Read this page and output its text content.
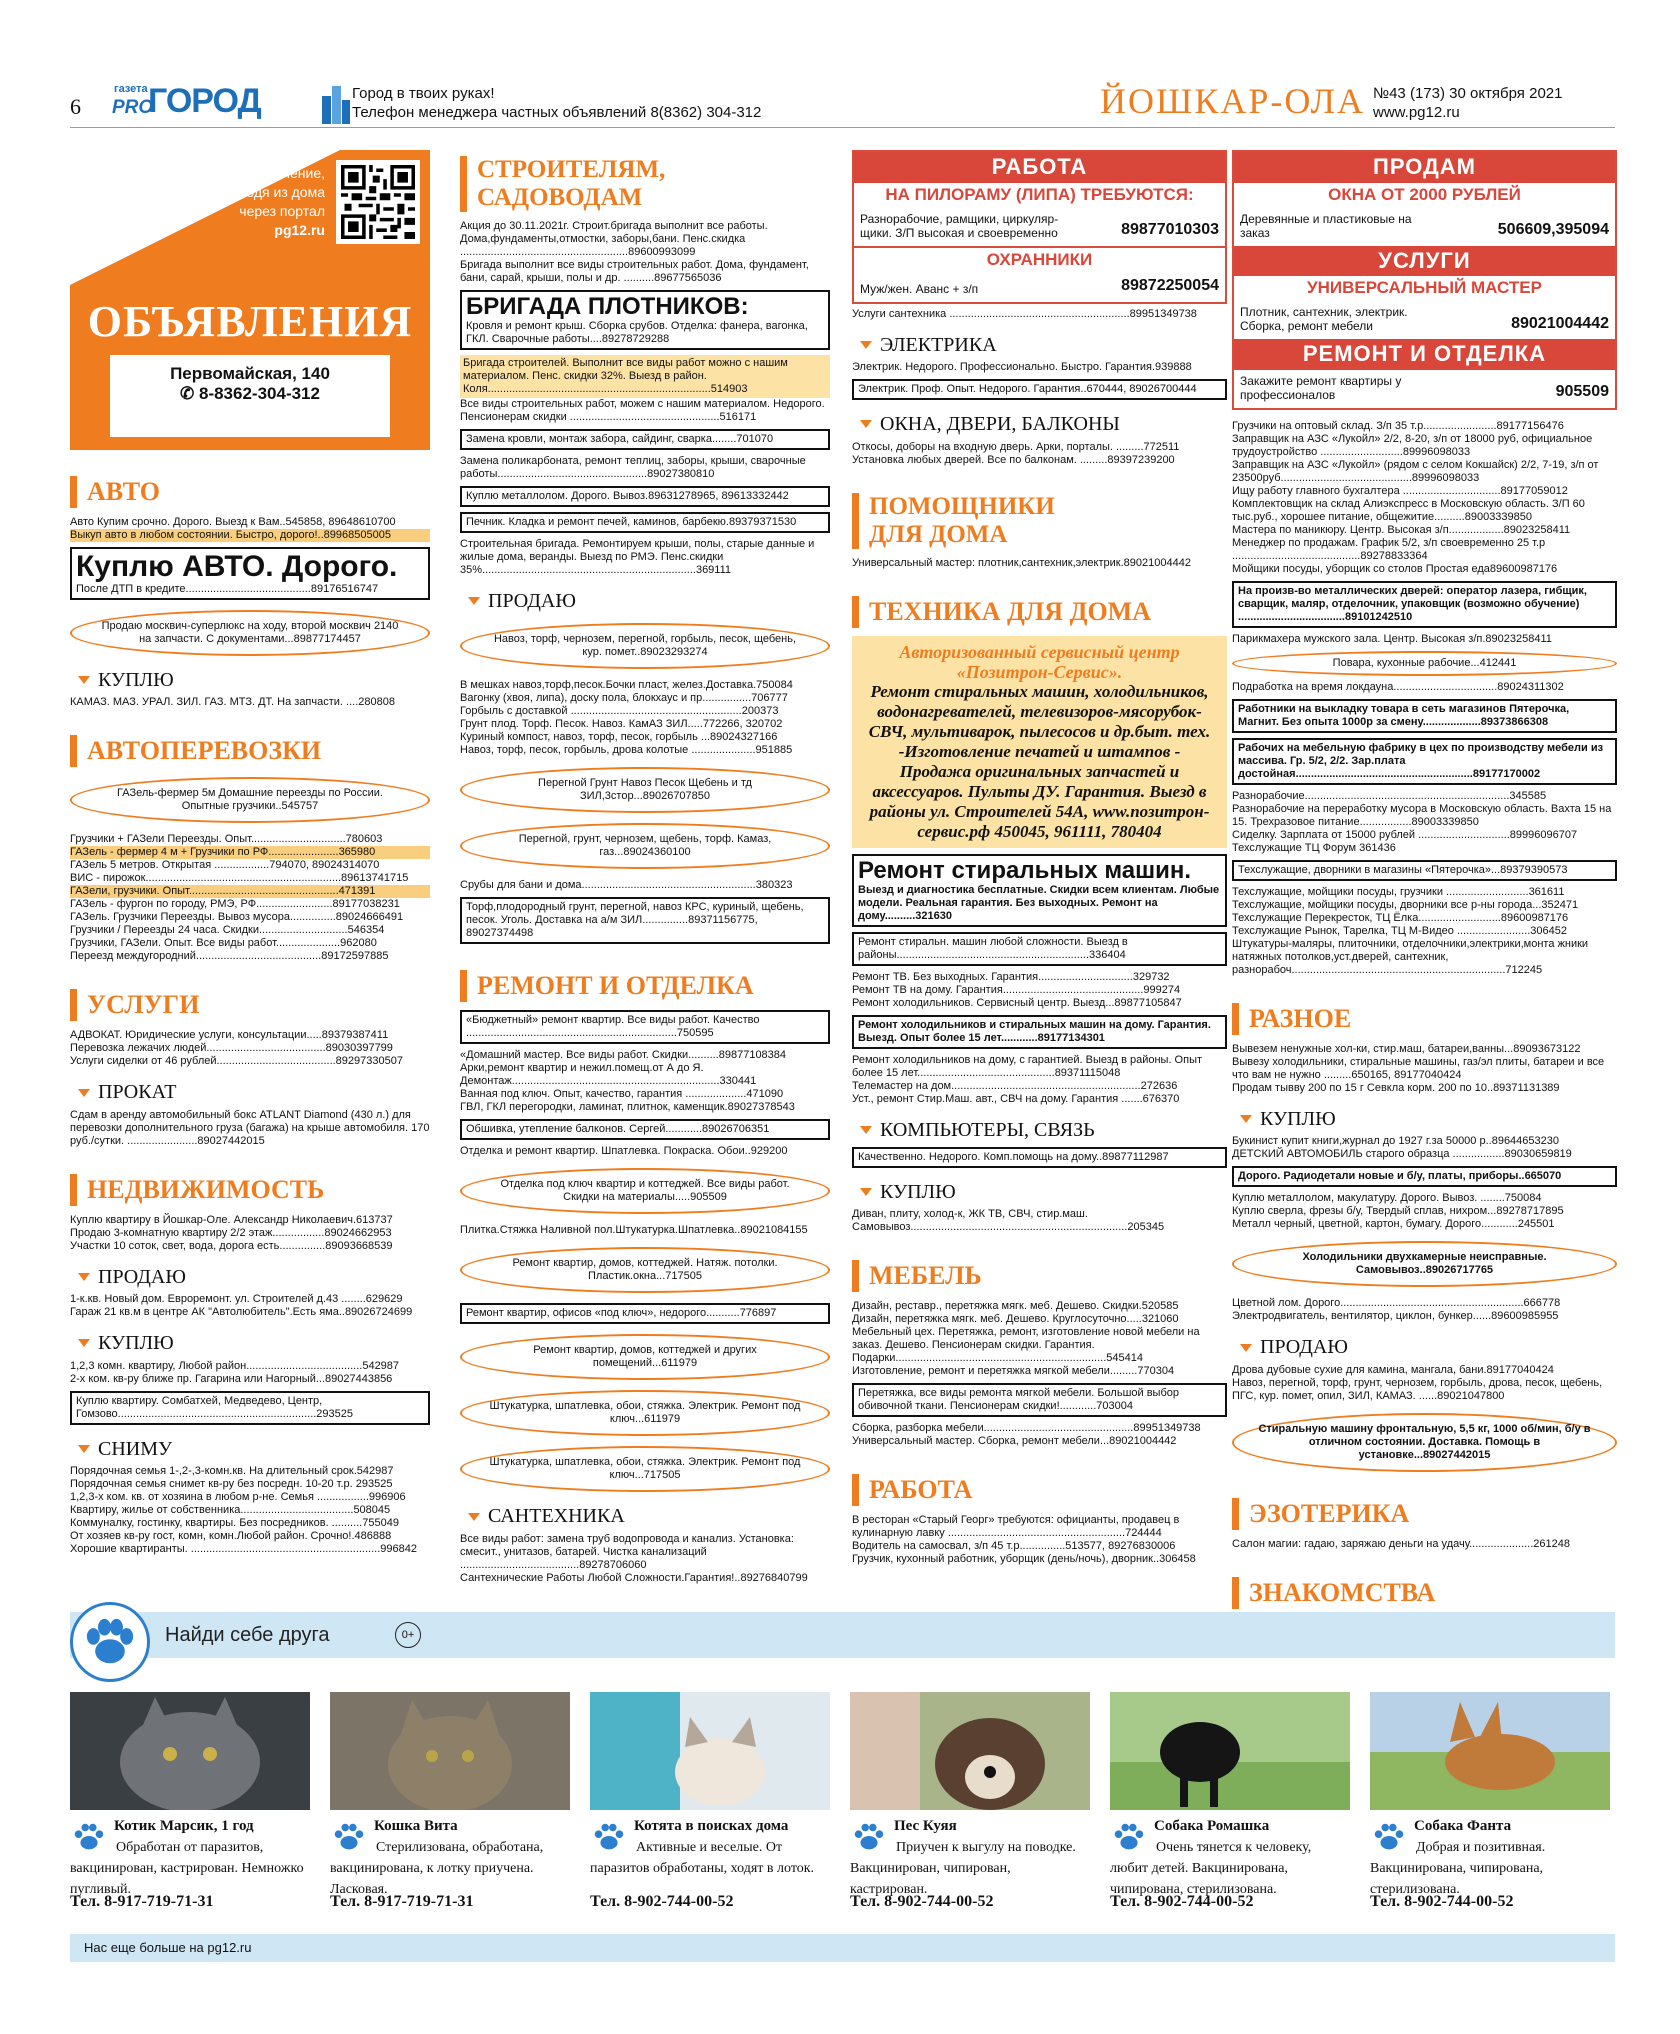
6
газета
PRO
ГОРОД	Город в твоих руках!
Телефон менеджера частных объявлений 8(8362) 304-312	ЙОШКАР-ОЛА №43 (173) 30 октября 2021
www.pg12.ru
Подай объявление,
не выходя из дома
через портал
pg12.ru
ОБЪЯВЛЕНИЯ
Первомайская, 140
✆ 8-8362-304-312
АВТО

Авто Купим срочно. Дорого. Выезд к Вам..545858, 89648610700

Выкуп авто в любом состоянии. Быстро, дорого!..89968505005

Куплю АВТО. Дорого.
После ДТП в кредите.........................................89176516747
Продаю москвич-суперлюкс на ходу, второй москвич 2140 на запчасти. С документами...89877174457
КУПЛЮ

КАМАЗ. МАЗ. УРАЛ. ЗИЛ. ГАЗ. МТЗ. ДТ. На запчасти. ....280808

АВТОПЕРЕВОЗКИ
ГАЗель-фермер 5м Домашние переезды по России. Опытные грузчики..545757

Грузчики + ГАЗели Переезды. Опыт...............................780603

ГАЗель - фермер 4 м + Грузчики по РФ.......................365980

ГАЗель 5 метров. Открытая ..................794070, 89024314070

ВИС - пирожок................................................................89613741715

ГАЗели, грузчики. Опыт.................................................471391

ГАЗель - фургон по городу, РМЭ, РФ.........................89177038231

ГАЗель. Грузчики Переезды. Вывоз мусора...............89024666491

Грузчики / Переезды 24 часа. Скидки.............................546354

Грузчики, ГАЗели. Опыт. Все виды работ.....................962080

Переезд междугородний.........................................89172597885

УСЛУГИ

АДВОКАТ. Юридические услуги, консультации.....89379387411

Перевозка лежачих людей.......................................89030397799

Услуги сиделки от 46 рублей.......................................89297330507

ПРОКАТ

Сдам в аренду автомобильный бокс ATLANT Diamond (430 л.) для перевозки дополнительного груза (багажа) на крыше автомобиля. 170 руб./сутки. .......................89027442015

НЕДВИЖИМОСТЬ

Куплю квартиру в Йошкар-Оле. Александр Николаевич.613737

Продаю 3-комнатную квартиру 2/2 этаж.................89024662953

Участки 10 соток, свет, вода, дорога есть...............89093668539

ПРОДАЮ

1-к.кв. Новый дом. Евроремонт. ул. Строителей д.43 ........629629

Гараж 21 кв.м в центре АК "Автолюбитель".Есть яма..89026724699

КУПЛЮ

1,2,3 комн. квартиру, Любой район......................................542987

2-х ком. кв-ру ближе пр. Гагарина или Нагорный...89027443856

Куплю квартиру. Сомбатхей, Медведево, Центр, Гомзово.................................................................293525
СНИМУ

Порядочная семья 1-,2-,3-комн.кв. На длительный срок.542987

Порядочная семья снимет кв-ру без посредн. 10-20 т.р. 293525

1,2,3-х ком. кв. от хозяина в любом р-не. Семья .................996906

Квартиру, жилье от собственника.....................................508045

Коммуналку, гостинку, квартиры. Без посредников. ..........755049

От хозяев кв-ру гост, комн, комн.Любой район. Срочно!.486888

Хорошие квартиранты. ..............................................................996842

СТРОИТЕЛЯМ, САДОВОДАМ

Акция до 30.11.2021г. Строит.бригада выполнит все работы. Дома,фундаменты,отмостки, заборы,бани. Пенс.скидка .......................................................89600993099

Бригада выполнит все виды строительных работ. Дома, фундамент, бани, сарай, крыши, полы и др. ..........89677565036

БРИГАДА ПЛОТНИКОВ:
Кровля и ремонт крыш. Сборка срубов. Отделка: фанера, вагонка, ГКЛ. Сварочные работы....89278729288

Бригада строителей. Выполнит все виды работ можно с нашим материалом. Пенс. скидки 32%. Выезд в район. Коля.........................................................................514903

Все виды строительных работ, можем с нашим материалом. Недорого. Пенсионерам скидки .................................................516171

Замена кровли, монтаж забора, сайдинг, сварка........701070

Замена поликарбоната, ремонт теплиц, заборы, крыши, сварочные работы.................................................89027380810

Куплю металлолом. Дорого. Вывоз.89631278965, 89613332442
Печник. Кладка и ремонт печей, каминов, барбекю.89379371530

Строительная бригада. Ремонтируем крыши, полы, старые данные и жилые дома, веранды. Выезд по РМЭ. Пенс.скидки 35%......................................................................369111

ПРОДАЮ
Навоз, торф, чернозем, перегной, горбыль, песок, щебень, кур. помет..89023293274

В мешках навоз,торф,песок.Бочки пласт, желез.Доставка.750084

Вагонку (хвоя, липа), доску пола, блокхаус и пр................706777

Горбыль с доставкой ........................................................200373

Грунт плод. Торф. Песок. Навоз. КамАЗ ЗИЛ.....772266, 320702

Куриный компост, навоз, торф, песок, горбыль ...89024327166

Навоз, торф, песок, горбыль, дрова колотые .....................951885

Перегной Грунт Навоз Песок Щебень и тд ЗИЛ,3стор...89026707850
Перегной, грунт, чернозем, щебень, торф. Камаз, газ...89024360100

Срубы для бани и дома.........................................................380323

Торф,плодородный грунт, перегной, навоз КРС, куриный, щебень, песок. Уголь. Доставка на а/м ЗИЛ...............89371156775, 89027374498
РЕМОНТ И ОТДЕЛКА
«Бюджетный» ремонт квартир. Все виды работ. Качество .....................................................................750595

«Домашний мастер. Все виды работ. Скидки..........89877108384

Арки,ремонт квартир и нежил.помещ.от А до Я. Демонтаж....................................................................330441

Ванная под ключ. Опыт, качество, гарантия ....................471090

ГВЛ, ГКЛ перегородки, ламинат, плитнок, каменщик.89027378543

Обшивка, утепление балконов. Сергей............89026706351

Отделка и ремонт квартир. Шпатлевка. Покраска. Обои..929200

Отделка под ключ квартир и коттеджей. Все виды работ. Скидки на материалы.....905509

Плитка.Стяжка Наливной пол.Штукатурка.Шпатлевка..89021084155

Ремонт квартир, домов, коттеджей. Натяж. потолки. Пластик.окна...717505
Ремонт квартир, офисов «под ключ», недорого...........776897
Ремонт квартир, домов, коттеджей и других помещений...611979
Штукатурка, шпатлевка, обои, стяжка. Электрик. Ремонт под ключ...611979
Штукатурка, шпатлевка, обои, стяжка. Электрик. Ремонт под ключ...717505
САНТЕХНИКА

Все виды работ: замена труб водопровода и канализ. Установка: смесит., унитазов, батарей. Чистка канализаций .......................................89278706060

Сантехнические Работы Любой Сложности.Гарантия!..89276840799

РАБОТА
НА ПИЛОРАМУ (ЛИПА) ТРЕБУЮТСЯ:
Разнорабочие, рамщики, циркуляр-щики. З/П высокая и своевременно	89877010303
ОХРАННИКИ
Муж/жен. Аванс + з/п	89872250054

Услуги сантехника ...........................................................89951349738

ЭЛЕКТРИКА

Электрик. Недорого. Профессионально. Быстро. Гарантия.939888

Электрик. Проф. Опыт. Недорого. Гарантия..670444, 89026700444
ОКНА, ДВЕРИ, БАЛКОНЫ

Откосы, доборы на входную дверь. Арки, порталы. .........772511

Установка любых дверей. Все по балконам. .........89397239200

ПОМОЩНИКИ ДЛЯ ДОМА

Универсальный мастер: плотник,сантехник,электрик.89021004442

ТЕХНИКА ДЛЯ ДОМА
Авторизованный сервисный центр «Позитрон-Сервис».
Ремонт стиральных машин, холодильников, водонагревателей, телевизоров-мясорубок-СВЧ, мультиварок, пылесосов и др.быт. тех. -Изготовление печатей и штампов - Продажа оригинальных запчастей и аксессуаров. Пульты ДУ. Гарантия. Выезд в районы ул. Строителей 54А, www.позитрон-сервис.рф 450045, 961111, 780404
Ремонт стиральных машин.
Выезд и диагностика бесплатные. Скидки всем клиентам. Любые модели. Реальная гарантия. Без выходных. Ремонт на дому..........321630
Ремонт стиральн. машин любой сложности. Выезд в районы...............................................................336404

Ремонт ТВ. Без выходных. Гарантия...............................329732

Ремонт ТВ на дому. Гарантия..............................................999274

Ремонт холодильников. Сервисный центр. Выезд...89877105847

Ремонт холодильников и стиральных машин на дому. Гарантия. Выезд. Опыт более 15 лет............89177134301

Ремонт холодильников на дому, с гарантией. Выезд в районы. Опыт более 15 лет.............................................89371115048

Телемастер на дом..............................................................272636

Уст., ремонт Стир.Маш. авт., СВЧ на дому. Гарантия .......676370

КОМПЬЮТЕРЫ, СВЯЗЬ
Качественно. Недорого. Комп.помощь на дому..89877112987
КУПЛЮ

Диван, плиту, холод-к, ЖК ТВ, СВЧ, стир.маш. Самовывоз.......................................................................205345

МЕБЕЛЬ

Дизайн, реставр., перетяжка мягк. меб. Дешево. Скидки.520585

Дизайн, перетяжка мягк. меб. Дешево. Круглосуточно.....321060

Мебельный цех. Перетяжка, ремонт, изготовление новой мебели на заказ. Дешево. Пенсионерам скидки. Гарантия. Подарки.....................................................................545414

Изготовление, ремонт и перетяжка мягкой мебели.........770304

Перетяжка, все виды ремонта мягкой мебели. Большой выбор обивочной ткани. Пенсионерам скидки!............703004

Сборка, разборка мебели.................................................89951349738

Универсальный мастер. Сборка, ремонт мебели...89021004442

РАБОТА

В ресторан «Старый Георг» требуются: официанты, продавец в кулинарную лавку ..........................................................724444

Водитель на самосвал, з/п 45 т.р...............513577, 89276830006

Грузчик, кухонный работник, уборщик (день/ночь), дворник..306458

ПРОДАМ
ОКНА ОТ 2000 РУБЛЕЙ
Деревянные и пластиковые на заказ	506609,395094
УСЛУГИ
УНИВЕРСАЛЬНЫЙ МАСТЕР
Плотник, сантехник, электрик. Сборка, ремонт мебели	89021004442
РЕМОНТ И ОТДЕЛКА
Закажите ремонт квартиры у профессионалов	905509

Грузчики на оптовый склад. З/п 35 т.р........................89177156476

Заправщик на АЗС «Лукойл» 2/2, 8-20, з/п от 18000 руб, официальное трудоустройство ...........................89996098033

Заправщик на АЗС «Лукойл» (рядом с селом Кокшайск) 2/2, 7-19, з/п от 23500руб...........................................89996098033

Ищу работу главного бухгалтера ................................89177059012

Комплектовщик на склад Алиэкспресс в Московскую область. З/П 60 тыс.руб., хорошее питание, общежитие..........89003339850

Мастера по маникюру. Центр. Высокая з/п..................89023258411

Менеджер по продажам. График 5/2, з/п своевременно 25 т.р ..........................................89278833364

Мойщики посуды, уборщик со столов Простая еда89600987176

На произв-во металлических дверей: оператор лазера, гибщик, сварщик, маляр, отделочник, упаковщик (возможно обучение) ...................................89101242510

Парикмахера мужского зала. Центр. Высокая з/п.89023258411

Повара, кухонные рабочие...412441

Подработка на время локдауна..................................89024311302

Работники на выкладку товара в сеть магазинов Пятерочка, Магнит. Без опыта 1000р за смену...................89373866308
Рабочих на мебельную фабрику в цех по производству мебели из массива. Гр. 5/2, 2/2. Зар.плата достойная..........................................................89177170002

Разнорабочие...................................................................345585

Разнорабочие на переработку мусора в Московскую область. Вахта 15 на 15. Трехразовое питание.................89003339850

Сиделку. Зарплата от 15000 рублей ..............................89996096707

Техслужащие ТЦ Форум 361436

Техслужащие, дворники в магазины «Пятерочка»...89379390573

Техслужащие, мойщики посуды, грузчики ...........................361611

Техслужащие, мойщики посуды, дворники все р-ны города...352471

Техслужащие Перекресток, ТЦ Ёлка...........................89600987176

Техслужащие Рынок, Тарелка, ТЦ М-Видео ........................306452

Штукатуры-маляры, плиточники, отделочники,электрики,монта жники натяжных потолков,уст.дверей, сантехник, разнорабоч......................................................................712245

РАЗНОЕ

Вывезем ненужные хол-ки, стир.маш, батареи,ванны...89093673122

Вывезу холодильники, стиральные машины, газ/эл плиты, батареи и все что вам не нужно .........650165, 89177040424

Продам тывву 200 по 15 г Севкла корм. 200 по 10..89371131389

КУПЛЮ

Букинист купит книги,журнал до 1927 г.за 50000 р..89644653230

ДЕТСКИЙ АВТОМОБИЛЬ старого образца .................89030659819

Дорого. Радиодетали новые и б/у, платы, приборы..665070

Куплю металлолом, макулатуру. Дорого. Вывоз. ........750084

Куплю сверла, фрезы б/у, Твердый сплав, нихром...89278717895

Металл черный, цветной, картон, бумагу. Дорого............245501

Холодильники двухкамерные неисправные. Самовывоз..89026717765

Цветной лом. Дорого............................................................666778

Электродвигатель, вентилятор, циклон, бункер......89600985955

ПРОДАЮ

Дрова дубовые сухие для камина, мангала, бани.89177040424

Навоз, перегной, торф, грунт, чернозем, горбыль, дрова, песок, щебень, ПГС, кур. помет, опил, ЗИЛ, КАМАЗ. ......89021047800

Стиральную машину фронтальную, 5,5 кг, 1000 об/мин, б/у в отличном состоянии. Доставка. Помощь в установке...89027442015
ЭЗОТЕРИКА

Салон магии: гадаю, заряжаю деньги на удачу.....................261248

ЗНАКОМСТВА

Найди себе друга	0+
Котик Марсик, 1 год
Обработан от паразитов, вакцинирован, кастрирован. Немножко пугливый.
Тел. 8-917-719-71-31
Кошка Вита
Стерилизована, обработана, вакцинирована, к лотку приучена. Ласковая.
Тел. 8-917-719-71-31
Котята в поисках дома
Активные и веселые. От паразитов обработаны, ходят в лоток.
Тел. 8-902-744-00-52
Пес Куяя
Приучен к выгулу на поводке. Вакцинирован, чипирован, кастрирован.
Тел. 8-902-744-00-52
Собака Ромашка
Очень тянется к человеку, любит детей. Вакцинирована, чипирована, стерилизована.
Тел. 8-902-744-00-52
Собака Фанта
Добрая и позитивная. Вакцинирована, чипирована, стерилизована.
Тел. 8-902-744-00-52
Нас еще больше на pg12.ru
